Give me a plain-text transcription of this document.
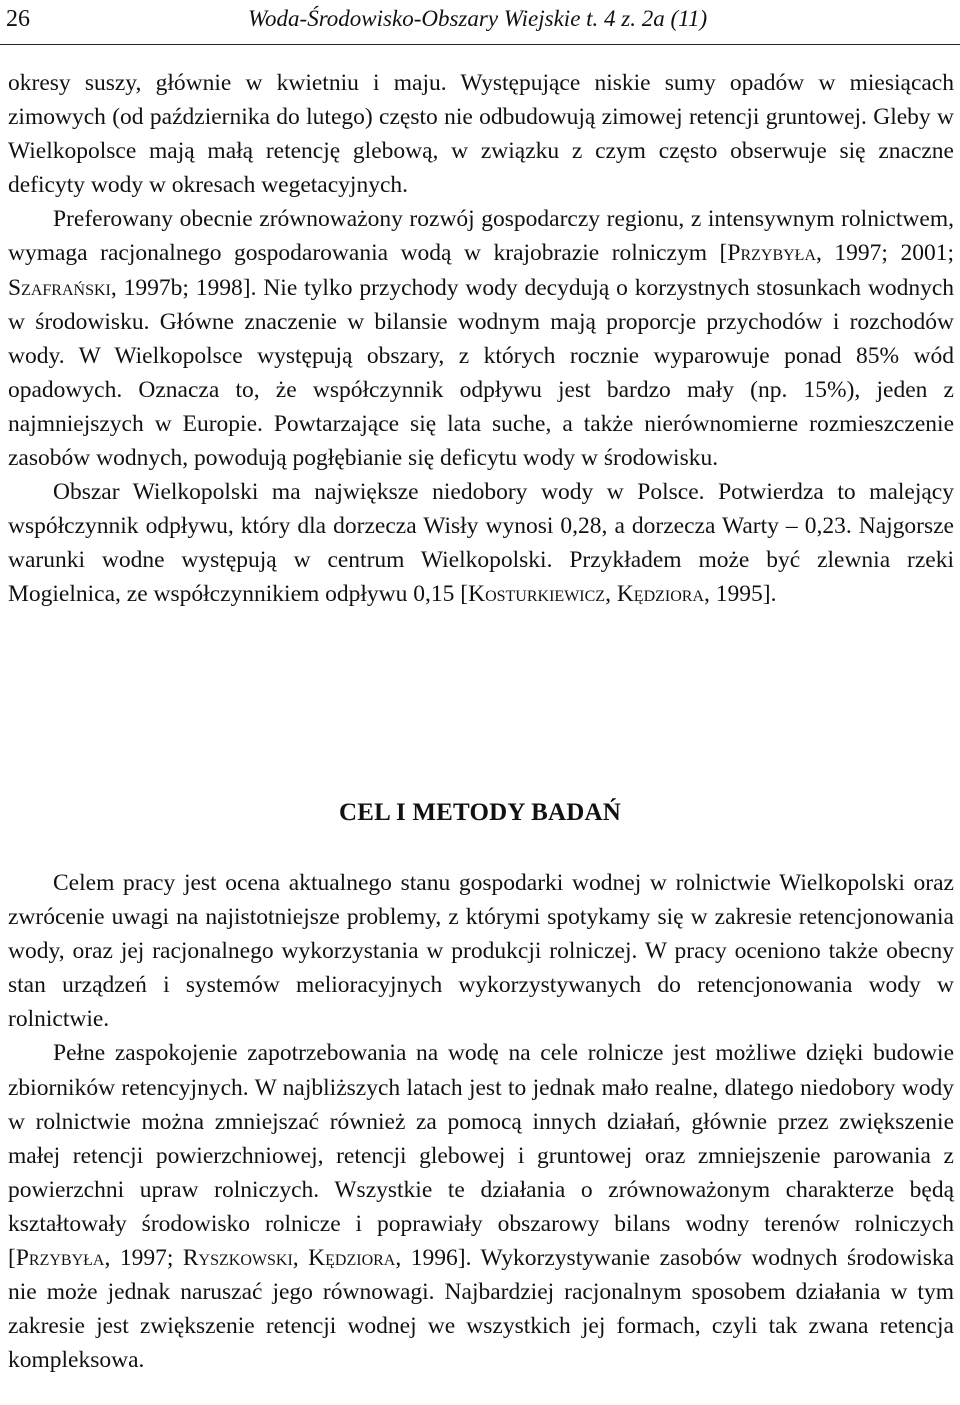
26	Woda-Środowisko-Obszary Wiejskie t. 4 z. 2a (11)

okresy suszy, głównie w kwietniu i maju. Występujące niskie sumy opadów w miesiącach zimowych (od października do lutego) często nie odbudowują zimowej retencji gruntowej. Gleby w Wielkopolsce mają małą retencję glebową, w związku z czym często obserwuje się znaczne deficyty wody w okresach wegetacyjnych.

Preferowany obecnie zrównoważony rozwój gospodarczy regionu, z intensywnym rolnictwem, wymaga racjonalnego gospodarowania wodą w krajobrazie rolniczym [Przybyła, 1997; 2001; Szafrański, 1997b; 1998]. Nie tylko przychody wody decydują o korzystnych stosunkach wodnych w środowisku. Główne znaczenie w bilansie wodnym mają proporcje przychodów i rozchodów wody. W Wielkopolsce występują obszary, z których rocznie wyparowuje ponad 85% wód opadowych. Oznacza to, że współczynnik odpływu jest bardzo mały (np. 15%), jeden z najmniejszych w Europie. Powtarzające się lata suche, a także nierównomierne rozmieszczenie zasobów wodnych, powodują pogłębianie się deficytu wody w środowisku.

Obszar Wielkopolski ma największe niedobory wody w Polsce. Potwierdza to malejący współczynnik odpływu, który dla dorzecza Wisły wynosi 0,28, a dorzecza Warty – 0,23. Najgorsze warunki wodne występują w centrum Wielkopolski. Przykładem może być zlewnia rzeki Mogielnica, ze współczynnikiem odpływu 0,15 [Kosturkiewicz, Kędziora, 1995].

CEL I METODY BADAŃ

Celem pracy jest ocena aktualnego stanu gospodarki wodnej w rolnictwie Wielkopolski oraz zwrócenie uwagi na najistotniejsze problemy, z którymi spotykamy się w zakresie retencjonowania wody, oraz jej racjonalnego wykorzystania w produkcji rolniczej. W pracy oceniono także obecny stan urządzeń i systemów melioracyjnych wykorzystywanych do retencjonowania wody w rolnictwie.

Pełne zaspokojenie zapotrzebowania na wodę na cele rolnicze jest możliwe dzięki budowie zbiorników retencyjnych. W najbliższych latach jest to jednak mało realne, dlatego niedobory wody w rolnictwie można zmniejszać również za pomocą innych działań, głównie przez zwiększenie małej retencji powierzchniowej, retencji glebowej i gruntowej oraz zmniejszenie parowania z powierzchni upraw rolniczych. Wszystkie te działania o zrównoważonym charakterze będą kształtowały środowisko rolnicze i poprawiały obszarowy bilans wodny terenów rolniczych [Przybyła, 1997; Ryszkowski, Kędziora, 1996]. Wykorzystywanie zasobów wodnych środowiska nie może jednak naruszać jego równowagi. Najbardziej racjonalnym sposobem działania w tym zakresie jest zwiększenie retencji wodnej we wszystkich jej formach, czyli tak zwana retencja kompleksowa.
